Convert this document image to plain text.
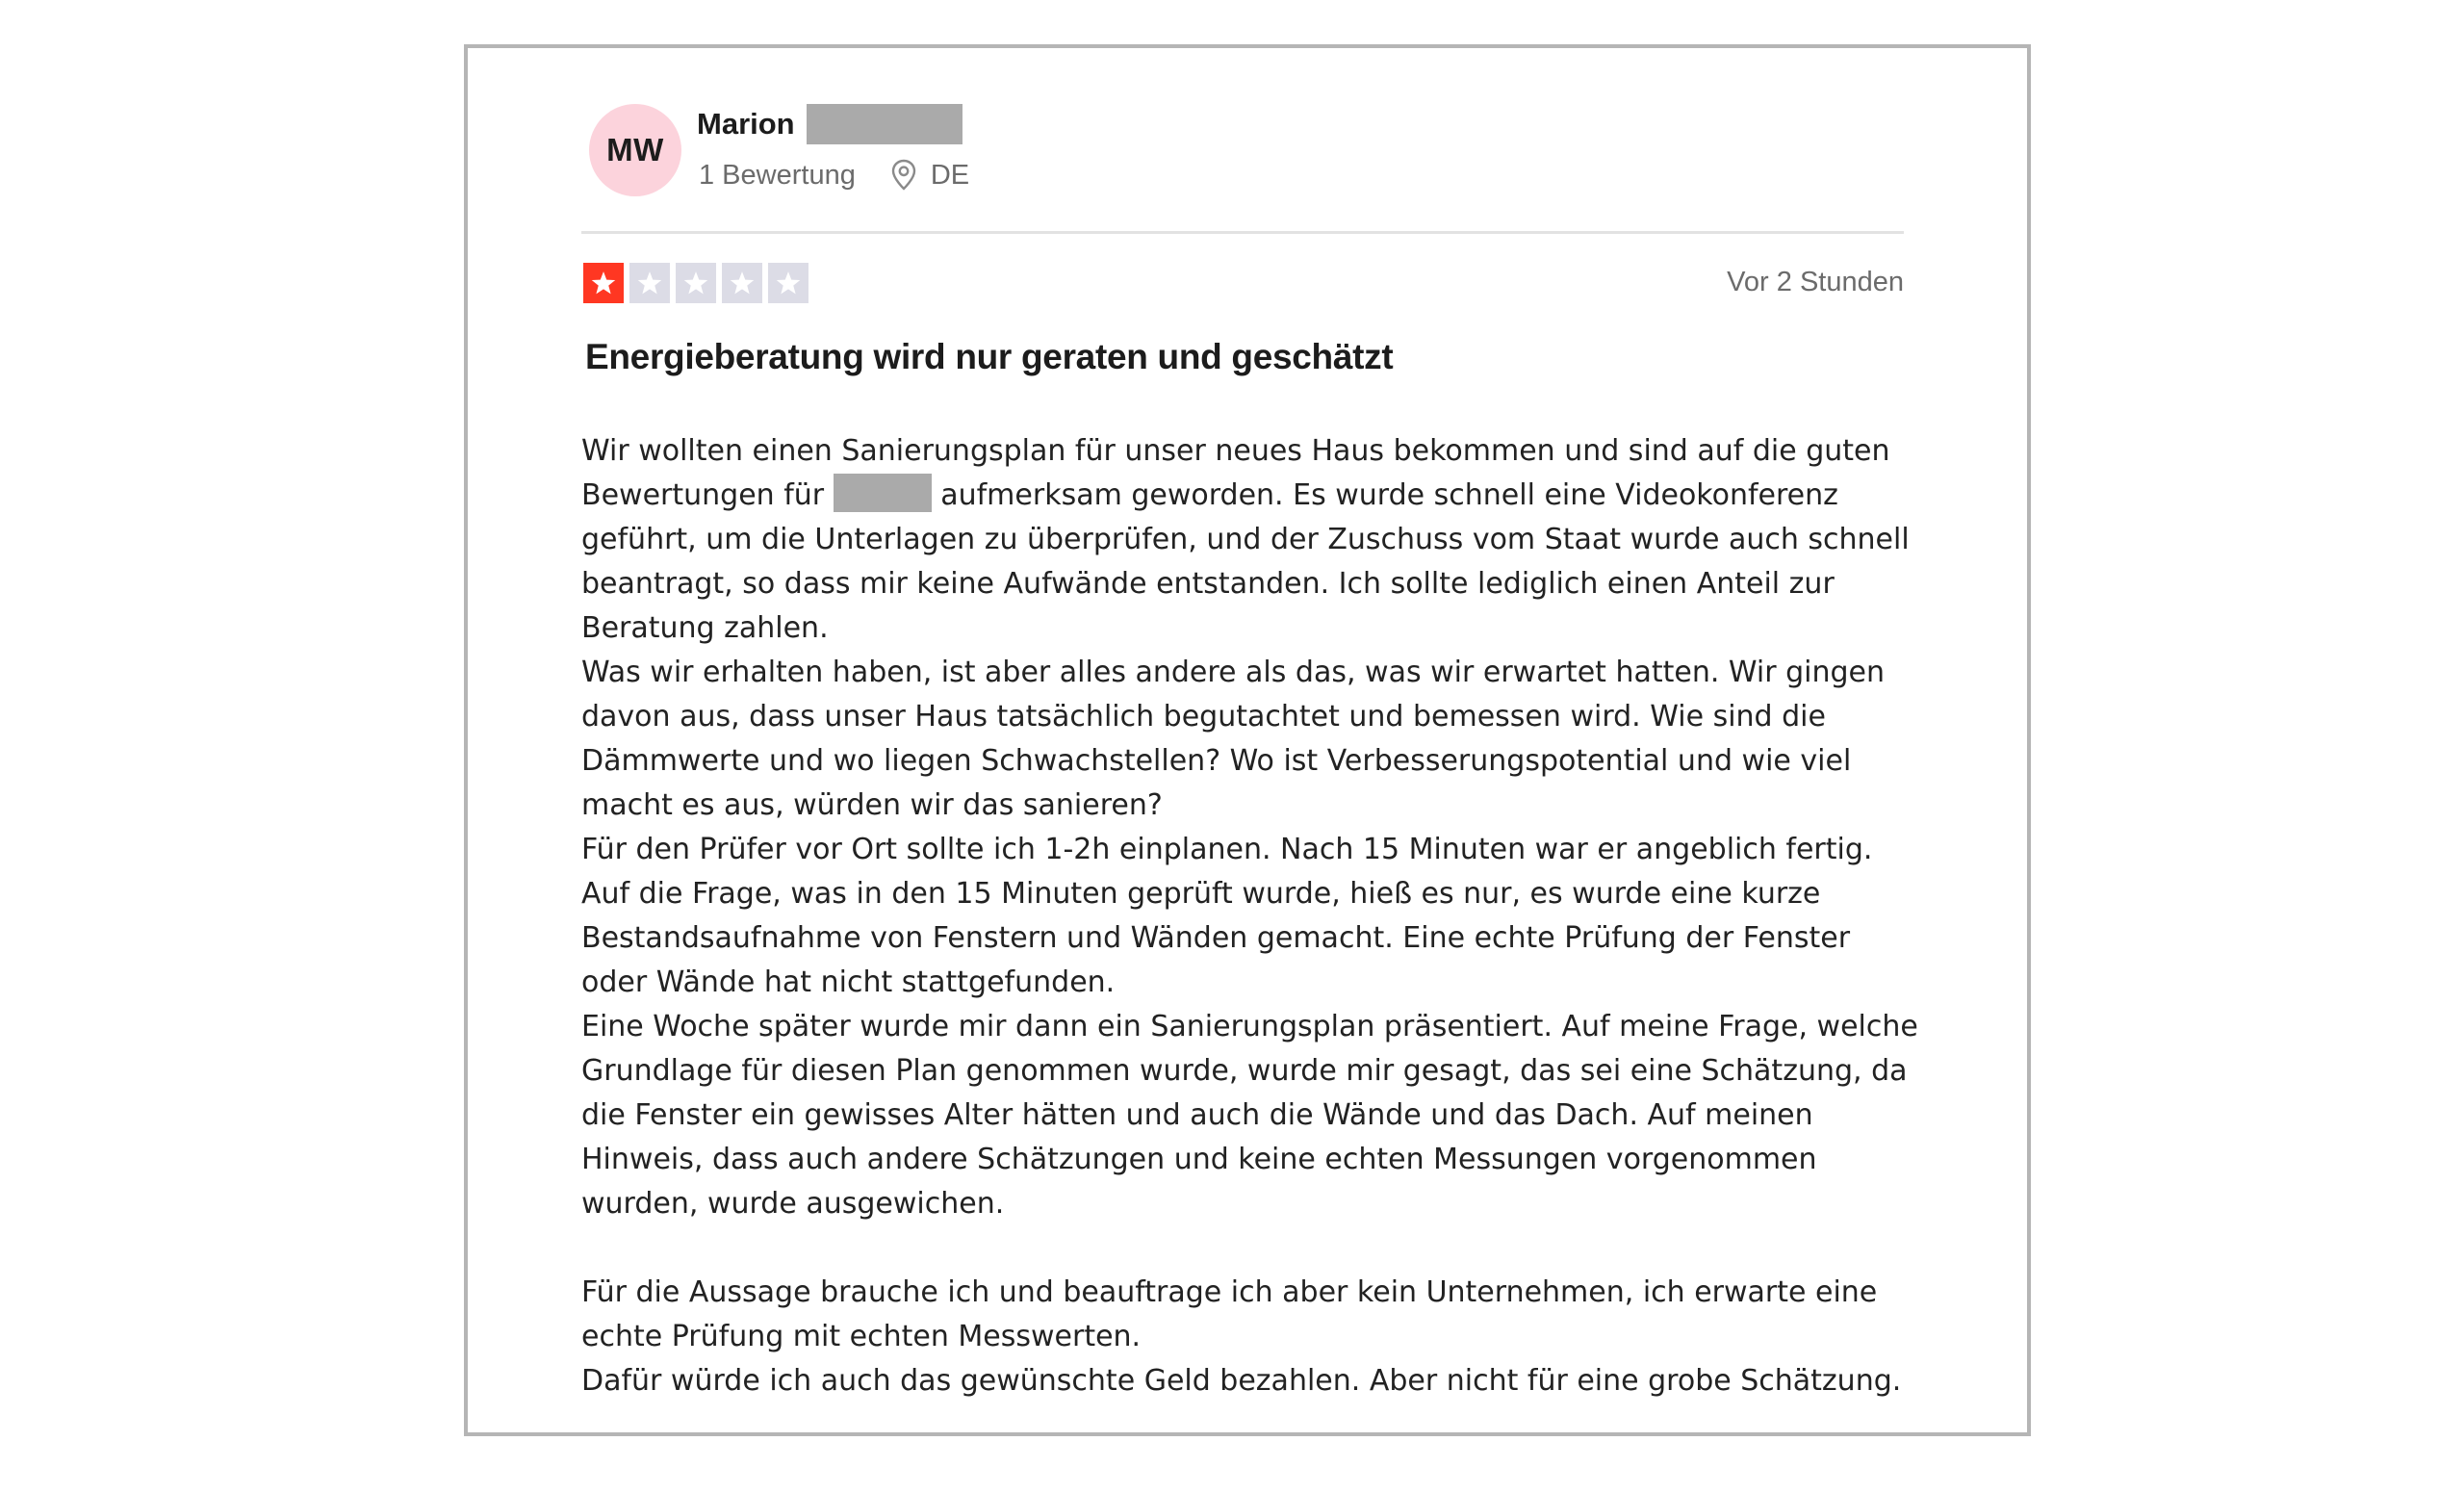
MW
Marion
1 Bewertung	DE
Vor 2 Stunden
Energieberatung wird nur geraten und geschätzt
Wir wollten einen Sanierungsplan für unser neues Haus bekommen und sind auf die guten
Bewertungen für	aufmerksam geworden. Es wurde schnell eine Videokonferenz
geführt, um die Unterlagen zu überprüfen, und der Zuschuss vom Staat wurde auch schnell
beantragt, so dass mir keine Aufwände entstanden. Ich sollte lediglich einen Anteil zur
Beratung zahlen.
Was wir erhalten haben, ist aber alles andere als das, was wir erwartet hatten. Wir gingen
davon aus, dass unser Haus tatsächlich begutachtet und bemessen wird. Wie sind die
Dämmwerte und wo liegen Schwachstellen? Wo ist Verbesserungspotential und wie viel
macht es aus, würden wir das sanieren?
Für den Prüfer vor Ort sollte ich 1-2h einplanen. Nach 15 Minuten war er angeblich fertig.
Auf die Frage, was in den 15 Minuten geprüft wurde, hieß es nur, es wurde eine kurze
Bestandsaufnahme von Fenstern und Wänden gemacht. Eine echte Prüfung der Fenster
oder Wände hat nicht stattgefunden.
Eine Woche später wurde mir dann ein Sanierungsplan präsentiert. Auf meine Frage, welche
Grundlage für diesen Plan genommen wurde, wurde mir gesagt, das sei eine Schätzung, da
die Fenster ein gewisses Alter hätten und auch die Wände und das Dach. Auf meinen
Hinweis, dass auch andere Schätzungen und keine echten Messungen vorgenommen
wurden, wurde ausgewichen.
Für die Aussage brauche ich und beauftrage ich aber kein Unternehmen, ich erwarte eine
echte Prüfung mit echten Messwerten.
Dafür würde ich auch das gewünschte Geld bezahlen. Aber nicht für eine grobe Schätzung.
